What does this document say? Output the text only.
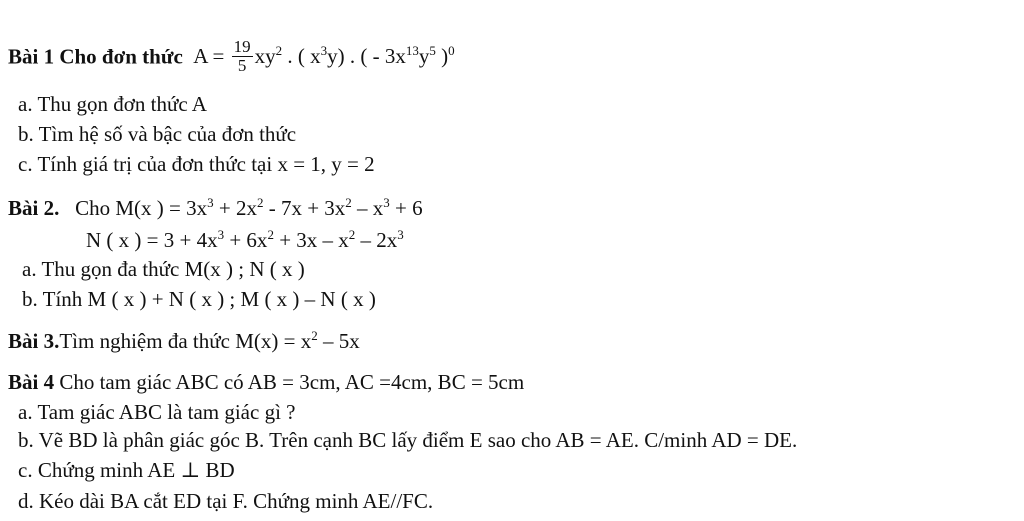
Bài 1 Cho đơn thức $A = \frac{19}{5} xy^2$ . ( $x^3y$) . ( - $3x^{13}y^5$ )$^0$
a. Thu gọn đơn thức A
b. Tìm hệ số và bậc của đơn thức
c. Tính giá trị của đơn thức tại x = 1, y = 2
Bài 2. Cho M(x ) = $3x^3 + 2x^2 - 7x + 3x^2 - x^3 + 6$
N ( x ) = $3 + 4x^3 + 6x^2 + 3x - x^2 - 2x^3$
a. Thu gọn đa thức M(x ) ; N ( x )
b. Tính M ( x ) + N ( x ) ; M ( x ) – N ( x )
Bài 3.Tìm nghiệm đa thức $M(x) = x^2 - 5x$
Bài 4 Cho tam giác ABC có AB = 3cm, AC =4cm, BC = 5cm
a. Tam giác ABC là tam giác gì ?
b. Vẽ BD là phân giác góc B. Trên cạnh BC lấy điểm E sao cho AB = AE. C/minh AD = DE.
c. Chứng minh AE ⊥ BD
d. Kéo dài BA cắt ED tại F. Chứng minh AE//FC.
